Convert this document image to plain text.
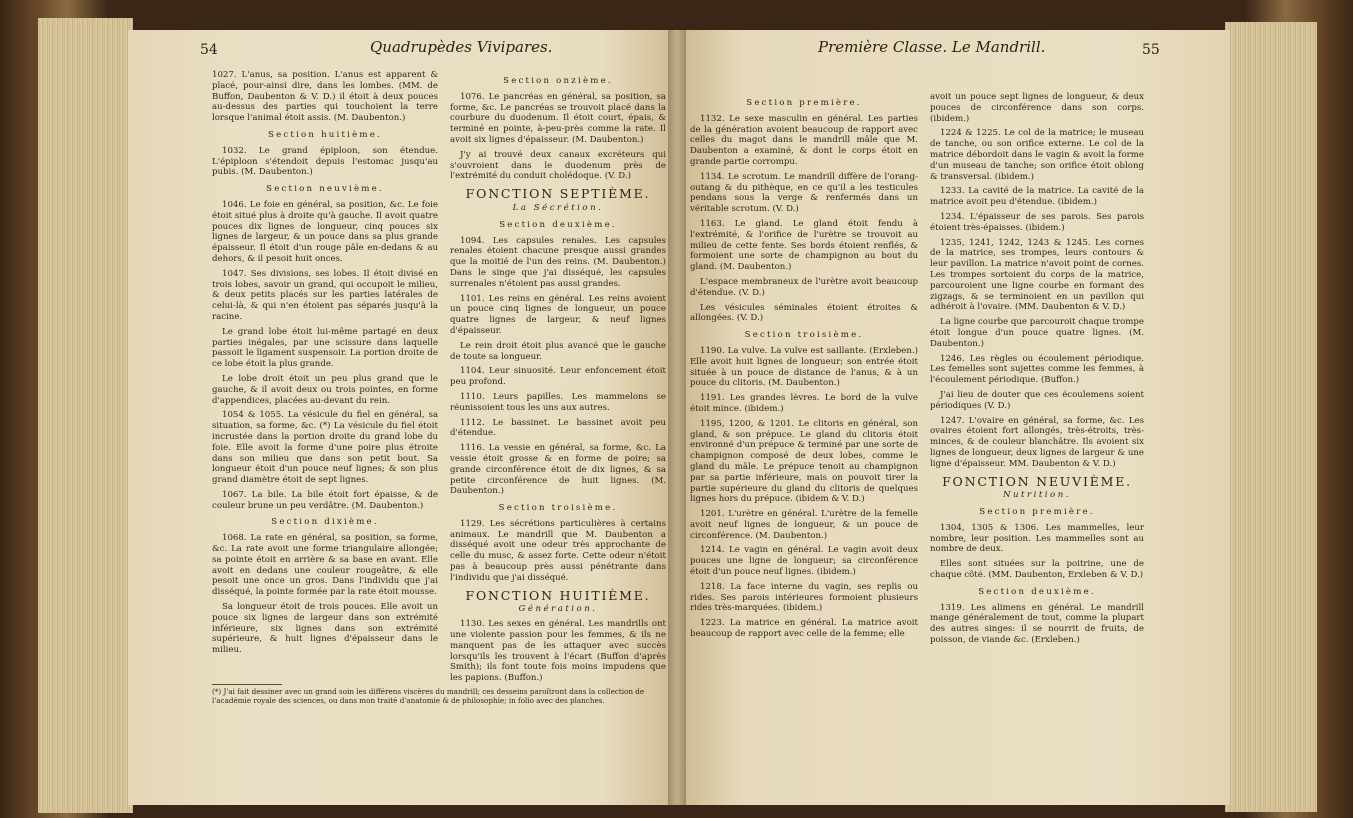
54	Quadrupèdes Vivipares.	Première Classe. Le Mandrill.	55

1027. L'anus, sa position. L'anus est apparent & placé, pour-ainsi dire, dans les lombes. (MM. de Buffon, Daubenton & V. D.) il étoit à deux pouces au-dessus des parties qui touchoient la terre lorsque l'animal étoit assis. (M. Daubenton.)

Section huitième.

1032. Le grand épiploon, son étendue. L'épiploon s'étendoit depuis l'estomac jusqu'au pubis. (M. Daubenton.)

Section neuvième.

1046. Le foie en général, sa position, &c. Le foie étoit situé plus à droite qu'à gauche. Il avoit quatre pouces dix lignes de longueur, cinq pouces six lignes de largeur, & un pouce dans sa plus grande épaisseur. Il étoit d'un rouge pâle en-dedans & au dehors, & il pesoit huit onces.

1047. Ses divisions, ses lobes. Il étoit divisé en trois lobes, savoir un grand, qui occupoit le milieu, & deux petits placés sur les parties latérales de celui-là, & qui n'en étoient pas séparés jusqu'à la racine.

Le grand lobe étoit lui-même partagé en deux parties inégales, par une scissure dans laquelle passoit le ligament suspensoir. La portion droite de ce lobe étoit la plus grande.

Le lobe droit étoit un peu plus grand que le gauche, & il avoit deux ou trois pointes, en forme d'appendices, placées au-devant du rein.

1054 & 1055. La vésicule du fiel en général, sa situation, sa forme, &c. (*) La vésicule du fiel étoit incrustée dans la portion droite du grand lobe du foie. Elle avoit la forme d'une poire plus étroite dans son milieu que dans son petit bout. Sa longueur étoit d'un pouce neuf lignes; & son plus grand diamètre étoit de sept lignes.

1067. La bile. La bile étoit fort épaisse, & de couleur brune un peu verdâtre. (M. Daubenton.)

Section dixième.

1068. La rate en général, sa position, sa forme, &c. La rate avoit une forme triangulaire allongée; sa pointe étoit en arrière & sa base en avant. Elle avoit en dedans une couleur rougeâtre, & elle pesoit une once un gros. Dans l'individu que j'ai disséqué, la pointe formée par la rate étoit mousse.

Sa longueur étoit de trois pouces. Elle avoit un pouce six lignes de largeur dans son extrémité inférieure, six lignes dans son extrémité supérieure, & huit lignes d'épaisseur dans le milieu.

Section onzième.

1076. Le pancréas en général, sa position, sa forme, &c. Le pancréas se trouvoit placé dans la courbure du duodenum. Il étoit court, épais, & terminé en pointe, à-peu-près comme la rate. Il avoit six lignes d'épaisseur. (M. Daubenton.)

J'y ai trouvé deux canaux excréteurs qui s'ouvroient dans le duodenum près de l'extrémité du conduit cholédoque. (V. D.)

FONCTION SEPTIÈME.
La Sécrétion.
Section deuxième.

1094. Les capsules renales. Les capsules renales étoient chacune presque aussi grandes que la moitié de l'un des reins. (M. Daubenton.) Dans le singe que j'ai disséqué, les capsules surrenales n'étoient pas aussi grandes.

1101. Les reins en général. Les reins avoient un pouce cinq lignes de longueur, un pouce quatre lignes de largeur, & neuf lignes d'épaisseur.

Le rein droit étoit plus avancé que le gauche de toute sa longueur.

1104. Leur sinuosité. Leur enfoncement étoit peu profond.

1110. Leurs papilles. Les mammelons se réunissoient tous les uns aux autres.

1112. Le bassinet. Le bassinet avoit peu d'étendue.

1116. La vessie en général, sa forme, &c. La vessie étoit grosse & en forme de poire; sa grande circonférence étoit de dix lignes, & sa petite circonférence de huit lignes. (M. Daubenton.)

Section troisième.

1129. Les sécrétions particulières à certains animaux. Le mandrill que M. Daubenton a disséqué avoit une odeur très approchante de celle du musc, & assez forte. Cette odeur n'étoit pas à beaucoup près aussi pénétrante dans l'individu que j'ai disséqué.

FONCTION HUITIÈME.
Génération.

1130. Les sexes en général. Les mandrills ont une violente passion pour les femmes, & ils ne manquent pas de les attaquer avec succès lorsqu'ils les trouvent à l'écart (Buffon d'après Smith); ils font toute fois moins impudens que les papions. (Buffon.)

(*) J'ai fait dessiner avec un grand soin les différens viscères du mandrill; ces desseins paroîtront dans la collection de l'académie royale des sciences, ou dans mon traité d'anatomie & de philosophie; in folio avec des planches.
Section première.

1132. Le sexe masculin en général. Les parties de la génération avoient beaucoup de rapport avec celles du magot dans le mandrill mâle que M. Daubenton a examiné, & dont le corps étoit en grande partie corrompu.

1134. Le scrotum. Le mandrill diffère de l'orang-outang & du pithèque, en ce qu'il a les testicules pendans sous la verge & renfermés dans un véritable scrotum. (V. D.)

1163. Le gland. Le gland étoit fendu à l'extrémité, & l'orifice de l'urètre se trouvoit au milieu de cette fente. Ses bords étoient renflés, & formoient une sorte de champignon au bout du gland. (M. Daubenton.)

L'espace membraneux de l'urètre avoit beaucoup d'étendue. (V. D.)

Les vésicules séminales étoient étroites & allongées. (V. D.)

Section troisième.

1190. La vulve. La vulve est saillante. (Erxleben.) Elle avoit huit lignes de longueur; son entrée étoit située à un pouce de distance de l'anus, & à un pouce du clitoris. (M. Daubenton.)

1191. Les grandes lèvres. Le bord de la vulve étoit mince. (ibidem.)

1195, 1200, & 1201. Le clitoris en général, son gland, & son prépuce. Le gland du clitoris étoit environné d'un prépuce & terminé par une sorte de champignon composé de deux lobes, comme le gland du mâle. Le prépuce tenoit au champignon par sa partie inférieure, mais on pouvoit tirer la partie supérieure du gland du clitoris de quelques lignes hors du prépuce. (ibidem & V. D.)

1201. L'urètre en général. L'urètre de la femelle avoit neuf lignes de longueur, & un pouce de circonférence. (M. Daubenton.)

1214. Le vagin en général. Le vagin avoit deux pouces une ligne de longueur; sa circonférence étoit d'un pouce neuf lignes. (ibidem.)

1218. La face interne du vagin, ses replis ou rides. Ses parois intérieures formoient plusieurs rides très-marquées. (ibidem.)

1223. La matrice en général. La matrice avoit beaucoup de rapport avec celle de la femme; elle

avoit un pouce sept lignes de longueur, & deux pouces de circonférence dans son corps. (ibidem.)

1224 & 1225. Le col de la matrice; le museau de tanche, ou son orifice externe. Le col de la matrice débordoit dans le vagin & avoit la forme d'un museau de tanche; son orifice étoit oblong & transversal. (ibidem.)

1233. La cavité de la matrice. La cavité de la matrice avoit peu d'étendue. (ibidem.)

1234. L'épaisseur de ses parois. Ses parois étoient très-épaisses. (ibidem.)

1235, 1241, 1242, 1243 & 1245. Les cornes de la matrice, ses trompes, leurs contours & leur pavillon. La matrice n'avoit point de cornes. Les trompes sortoient du corps de la matrice, parcouroient une ligne courbe en formant des zigzags, & se terminoient en un pavillon qui adhéroit à l'ovaire. (MM. Daubenton & V. D.)

La ligne courbe que parcouroit chaque trompe étoit longue d'un pouce quatre lignes. (M. Daubenton.)

1246. Les règles ou écoulement périodique. Les femelles sont sujettes comme les femmes, à l'écoulement périodique. (Buffon.)

J'ai lieu de douter que ces écoulemens soient périodiques (V. D.)

1247. L'ovaire en général, sa forme, &c. Les ovaires étoient fort allongés, très-étroits, très-minces, & de couleur blanchâtre. Ils avoient six lignes de longueur, deux lignes de largeur & une ligne d'épaisseur. MM. Daubenton & V. D.)

FONCTION NEUVIÈME.
Nutrition.
Section première.

1304, 1305 & 1306. Les mammelles, leur nombre, leur position. Les mammelles sont au nombre de deux.

Elles sont situées sur la poitrine, une de chaque côté. (MM. Daubenton, Erxleben & V. D.)

Section deuxième.

1319. Les alimens en général. Le mandrill mange généralement de tout, comme la plupart des autres singes: il se nourrit de fruits, de poisson, de viande &c. (Erxleben.)
